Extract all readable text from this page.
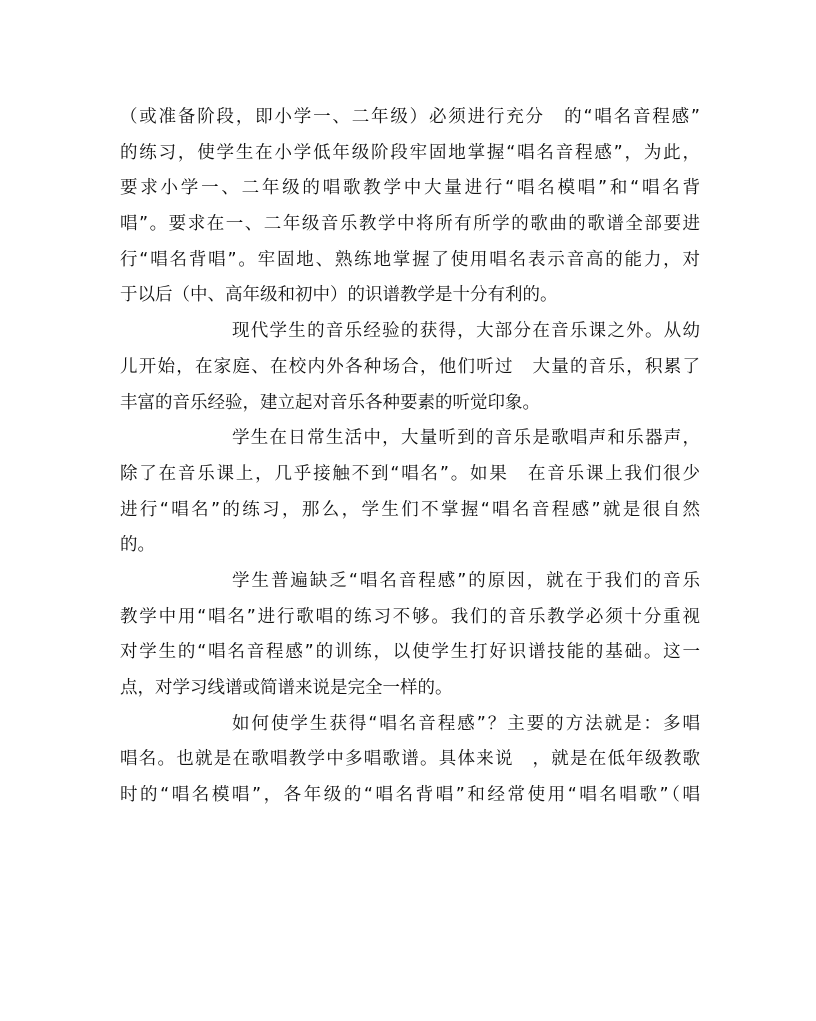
（或准备阶段，即小学一、二年级）必须进行充分　的“唱名音程感”
的练习，使学生在小学低年级阶段牢固地掌握“唱名音程感”，为此，
要求小学一、二年级的唱歌教学中大量进行“唱名模唱”和“唱名背
唱”。要求在一、二年级音乐教学中将所有所学的歌曲的歌谱全部要进
行“唱名背唱”。牢固地、熟练地掌握了使用唱名表示音高的能力，对
于以后（中、高年级和初中）的识谱教学是十分有利的。
现代学生的音乐经验的获得，大部分在音乐课之外。从幼
儿开始，在家庭、在校内外各种场合，他们听过　大量的音乐，积累了
丰富的音乐经验，建立起对音乐各种要素的听觉印象。
学生在日常生活中，大量听到的音乐是歌唱声和乐器声，
除了在音乐课上，几乎接触不到“唱名”。如果　在音乐课上我们很少
进行“唱名”的练习，那么，学生们不掌握“唱名音程感”就是很自然
的。
学生普遍缺乏“唱名音程感”的原因，就在于我们的音乐
教学中用“唱名”进行歌唱的练习不够。我们的音乐教学必须十分重视
对学生的“唱名音程感”的训练，以使学生打好识谱技能的基础。这一
点，对学习线谱或简谱来说是完全一样的。
如何使学生获得“唱名音程感”？主要的方法就是：多唱
唱名。也就是在歌唱教学中多唱歌谱。具体来说　，就是在低年级教歌
时的“唱名模唱”，各年级的“唱名背唱”和经常使用“唱名唱歌”（唱
